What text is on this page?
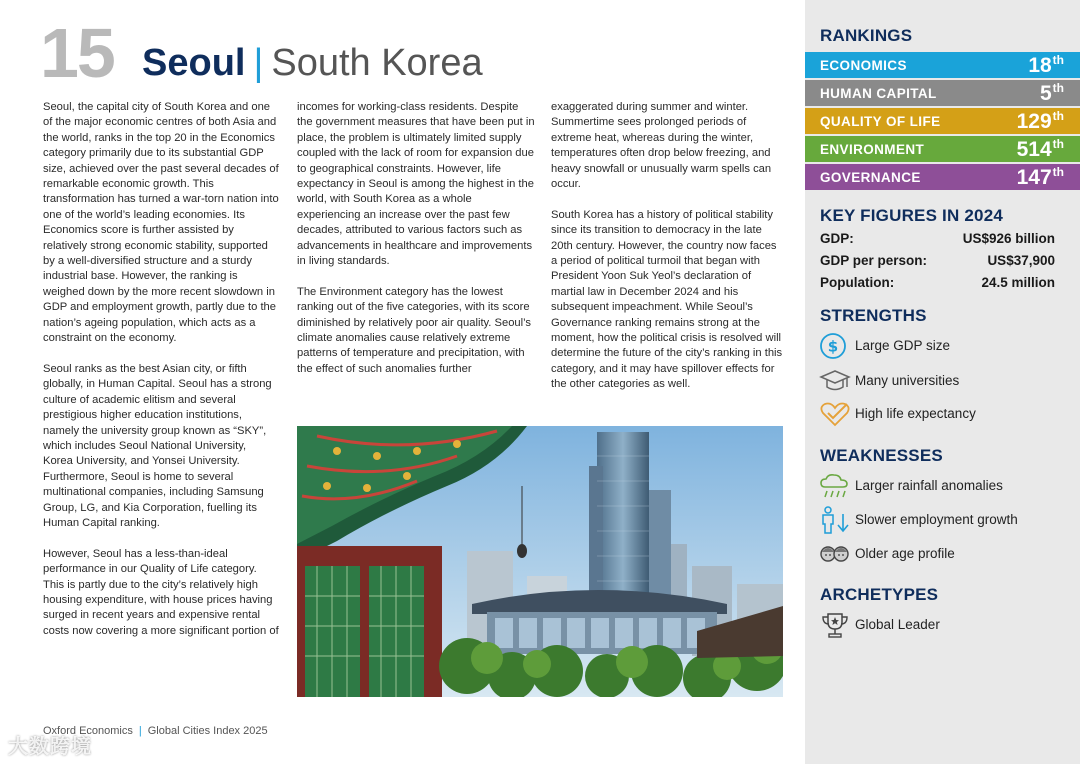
15 Seoul | South Korea

Seoul, the capital city of South Korea and one of the major economic centres of both Asia and the world, ranks in the top 20 in the Economics category primarily due to its substantial GDP size, achieved over the past several decades of remarkable economic growth. This transformation has turned a war-torn nation into one of the world’s leading economies. Its Economics score is further assisted by relatively strong economic stability, supported by a well-diversified structure and a sturdy industrial base. However, the ranking is weighed down by the more recent slowdown in GDP and employment growth, partly due to the nation’s ageing population, which acts as a constraint on the economy.

Seoul ranks as the best Asian city, or fifth globally, in Human Capital. Seoul has a strong culture of academic elitism and several prestigious higher education institutions, namely the university group known as “SKY”, which includes Seoul National University, Korea University, and Yonsei University. Furthermore, Seoul is home to several multinational companies, including Samsung Group, LG, and Kia Corporation, fuelling its Human Capital ranking.

However, Seoul has a less-than-ideal performance in our Quality of Life category. This is partly due to the city’s relatively high housing expenditure, with house prices having surged in recent years and expensive rental costs now covering a more significant portion of

incomes for working-class residents. Despite the government measures that have been put in place, the problem is ultimately limited supply coupled with the lack of room for expansion due to geographical constraints. However, life expectancy in Seoul is among the highest in the world, with South Korea as a whole experiencing an increase over the past few decades, attributed to various factors such as advancements in healthcare and improvements in living standards.

The Environment category has the lowest ranking out of the five categories, with its score diminished by relatively poor air quality. Seoul’s climate anomalies cause relatively extreme patterns of temperature and precipitation, with the effect of such anomalies further

exaggerated during summer and winter. Summertime sees prolonged periods of extreme heat, whereas during the winter, temperatures often drop below freezing, and heavy snowfall or unusually warm spells can occur.

South Korea has a history of political stability since its transition to democracy in the late 20th century. However, the country now faces a period of political turmoil that began with President Yoon Suk Yeol’s declaration of martial law in December 2024 and his subsequent impeachment. While Seoul’s Governance ranking remains strong at the moment, how the political crisis is resolved will determine the future of the city’s ranking in this category, and it may have spillover effects for the other categories as well.

Oxford Economics | Global Cities Index 2025
大数跨境
RANKINGS
ECONOMICS	18th
HUMAN CAPITAL	5th
QUALITY OF LIFE	129th
ENVIRONMENT	514th
GOVERNANCE	147th
KEY FIGURES IN 2024
GDP:	US$926 billion
GDP per person:	US$37,900
Population:	24.5 million
STRENGTHS
$ Large GDP size
Many universities
High life expectancy
WEAKNESSES
Larger rainfall anomalies
Slower employment growth
Older age profile
ARCHETYPES
Global Leader
